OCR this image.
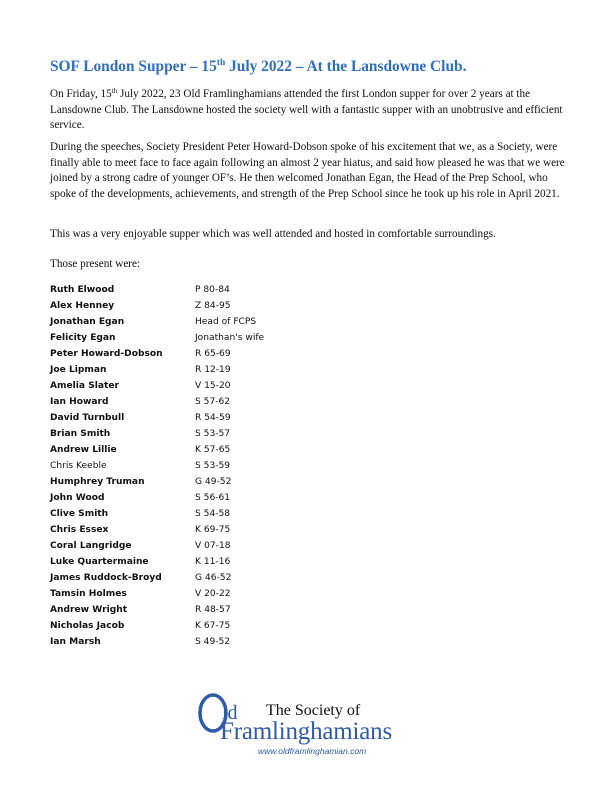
SOF London Supper – 15th July 2022 – At the Lansdowne Club.

On Friday, 15th July 2022, 23 Old Framlinghamians attended the first London supper for over 2 years at the Lansdowne Club. The Lansdowne hosted the society well with a fantastic supper with an unobtrusive and efficient service.

During the speeches, Society President Peter Howard-Dobson spoke of his excitement that we, as a Society, were finally able to meet face to face again following an almost 2 year hiatus, and said how pleased he was that we were joined by a strong cadre of younger OF’s. He then welcomed Jonathan Egan, the Head of the Prep School, who spoke of the developments, achievements, and strength of the Prep School since he took up his role in April 2021.

This was a very enjoyable supper which was well attended and hosted in comfortable surroundings.

Those present were:

Ruth Elwood	P 80-84
Alex Henney	Z 84-95
Jonathan Egan	Head of FCPS
Felicity Egan	Jonathan's wife
Peter Howard-Dobson	R 65-69
Joe Lipman	R 12-19
Amelia Slater	V 15-20
Ian Howard	S 57-62
David Turnbull	R 54-59
Brian Smith	S 53-57
Andrew Lillie	K 57-65
Chris Keeble	S 53-59
Humphrey Truman	G 49-52
John Wood	S 56-61
Clive Smith	S 54-58
Chris Essex	K 69-75
Coral Langridge	V 07-18
Luke Quartermaine	K 11-16
James Ruddock-Broyd	G 46-52
Tamsin Holmes	V 20-22
Andrew Wright	R 48-57
Nicholas Jacob	K 67-75
Ian Marsh	S 49-52
O ld The Society of
Framlinghamians
www.oldframlinghamian.com
